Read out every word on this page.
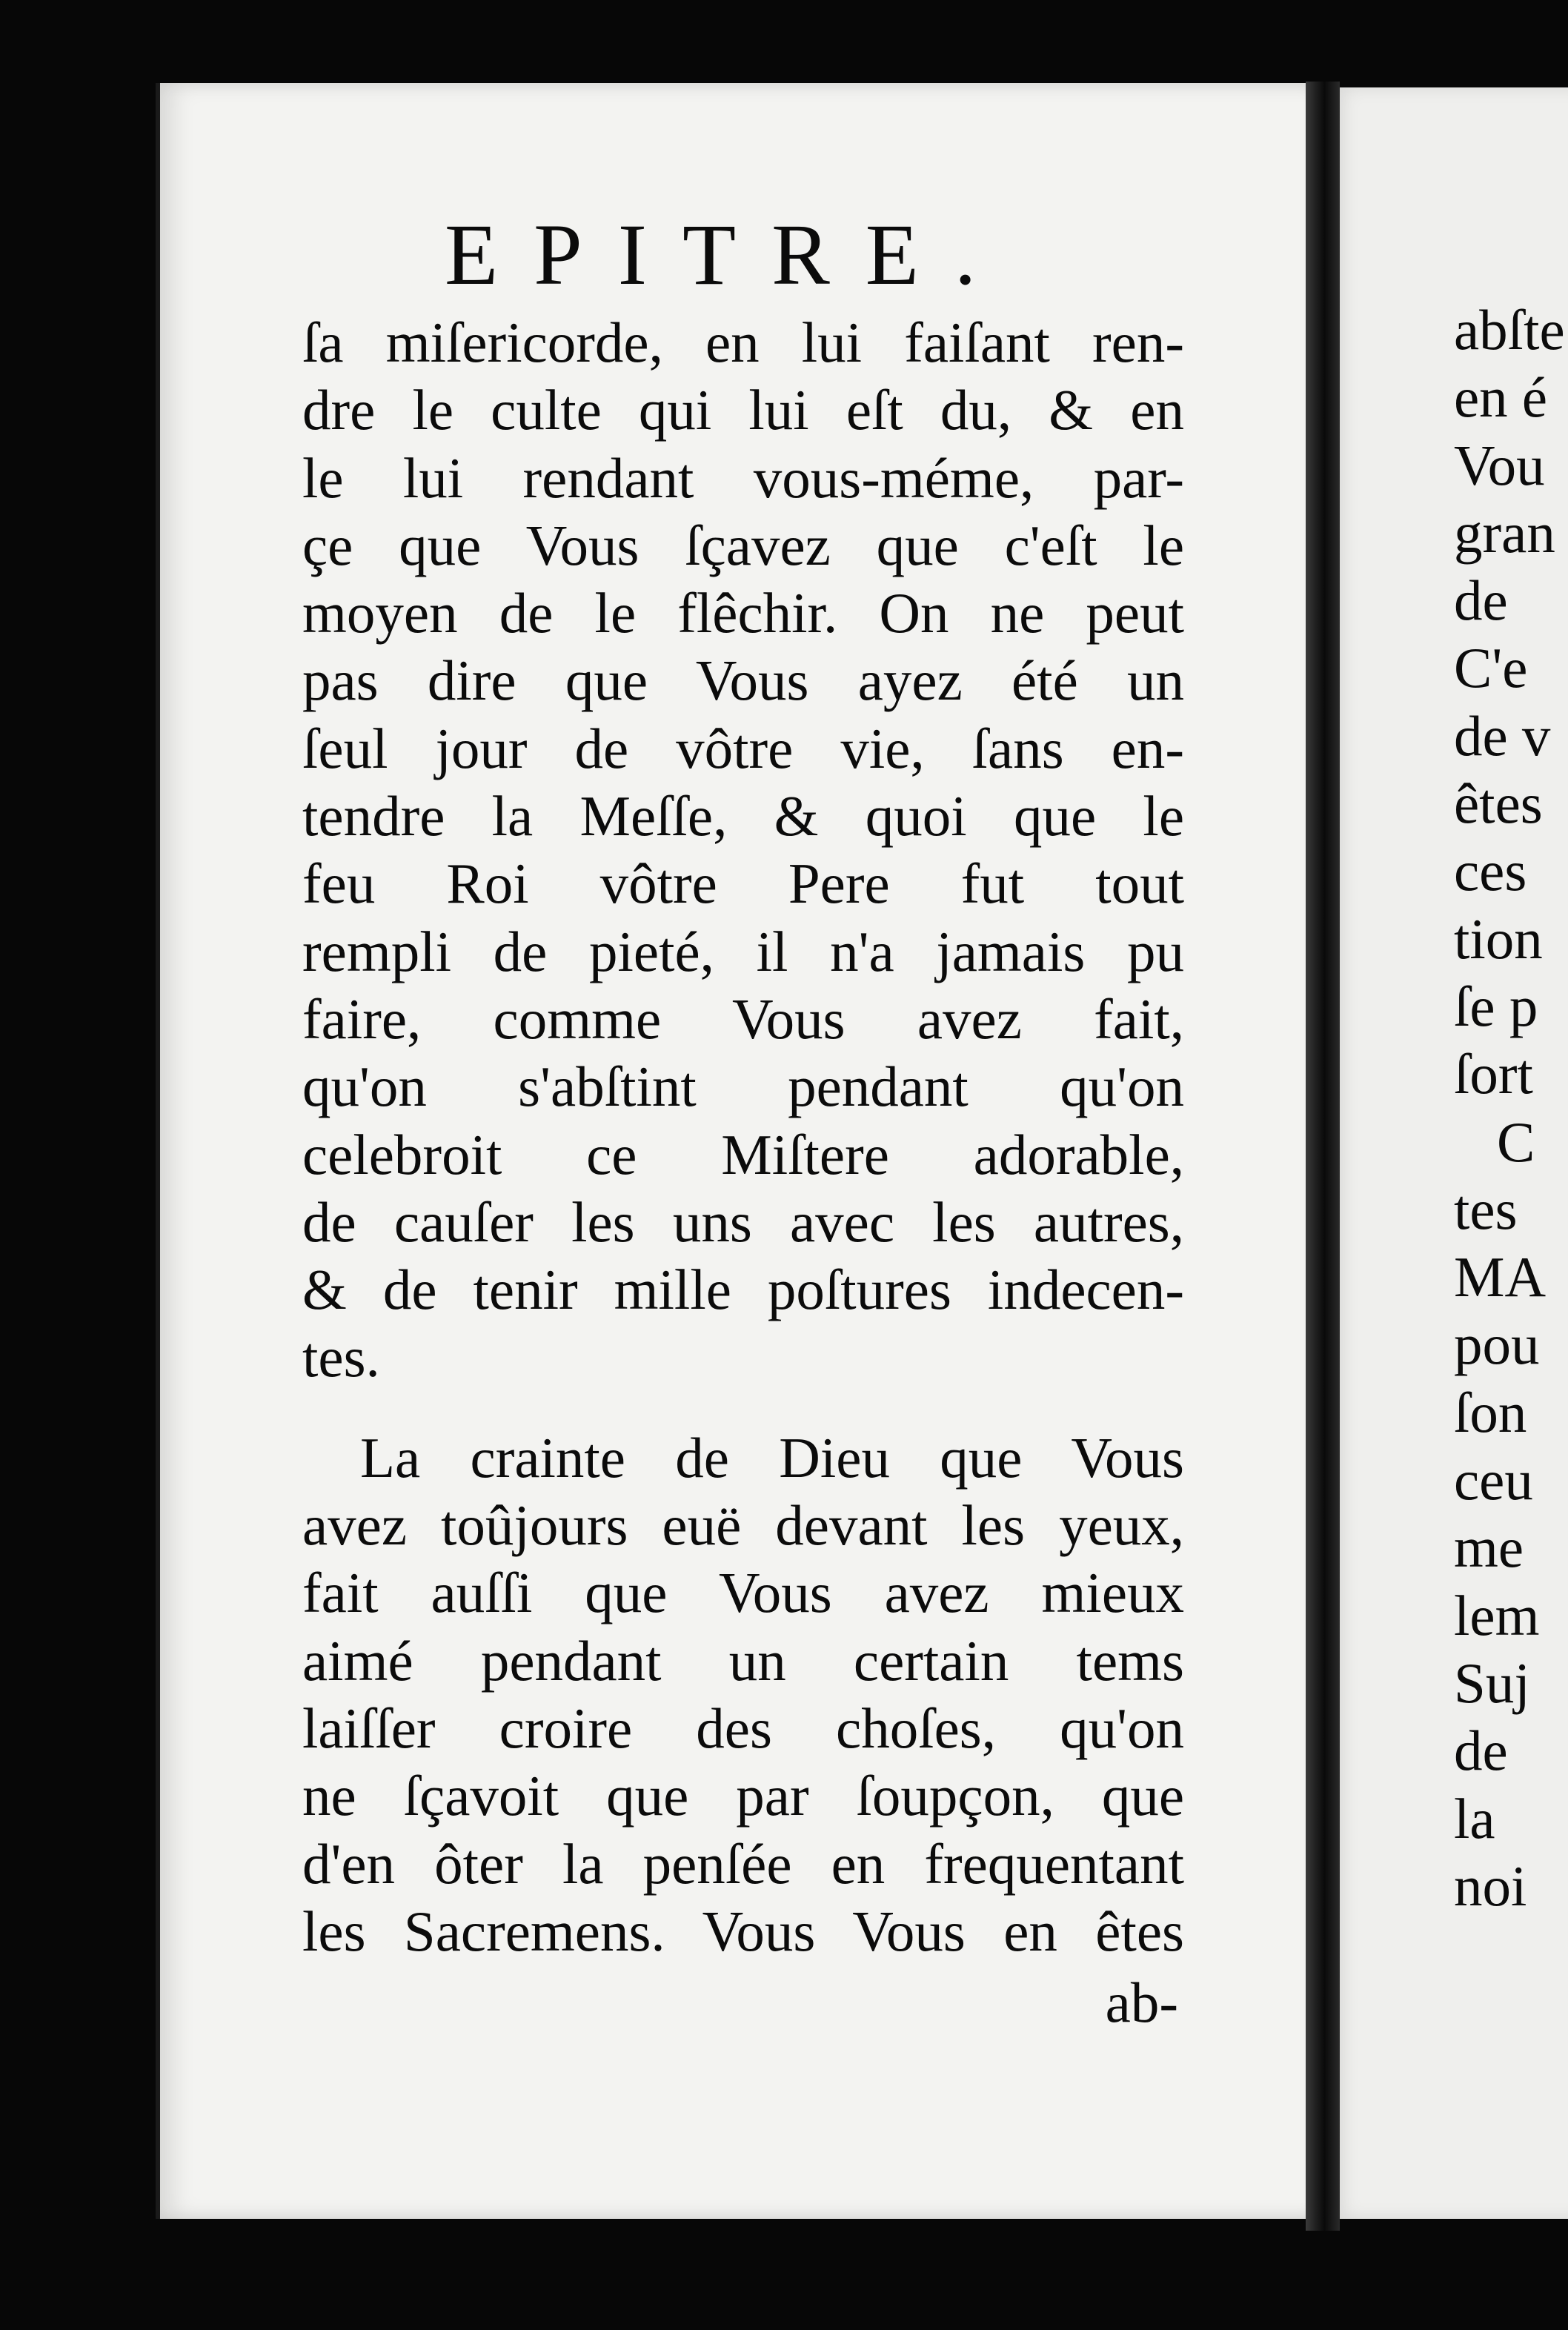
EPITRE.
ſa miſericorde, en lui faiſant ren-
dre le culte qui lui eſt du, & en
le lui rendant vous-méme, par-
çe que Vous ſçavez que c'eſt le
moyen de le flêchir. On ne peut
pas dire que Vous ayez été un
ſeul jour de vôtre vie, ſans en-
tendre la Meſſe, & quoi que le
feu Roi vôtre Pere fut tout
rempli de pieté, il n'a jamais pu
faire, comme Vous avez fait,
qu'on s'abſtint pendant qu'on
celebroit ce Miſtere adorable,
de cauſer les uns avec les autres,
& de tenir mille poſtures indecen-
tes.
La crainte de Dieu que Vous
avez toûjours euë devant les yeux,
fait auſſi que Vous avez mieux
aimé pendant un certain tems
laiſſer croire des choſes, qu'on
ne ſçavoit que par ſoupçon, que
d'en ôter la penſée en frequentant
les Sacremens. Vous Vous en êtes
ab-
abſte
en é
Vou
gran
de
C'e
de v
êtes
ces
tion
ſe p
ſort
C
tes
MA
pou
ſon
ceu
me
lem
Suj
de
la
noi
